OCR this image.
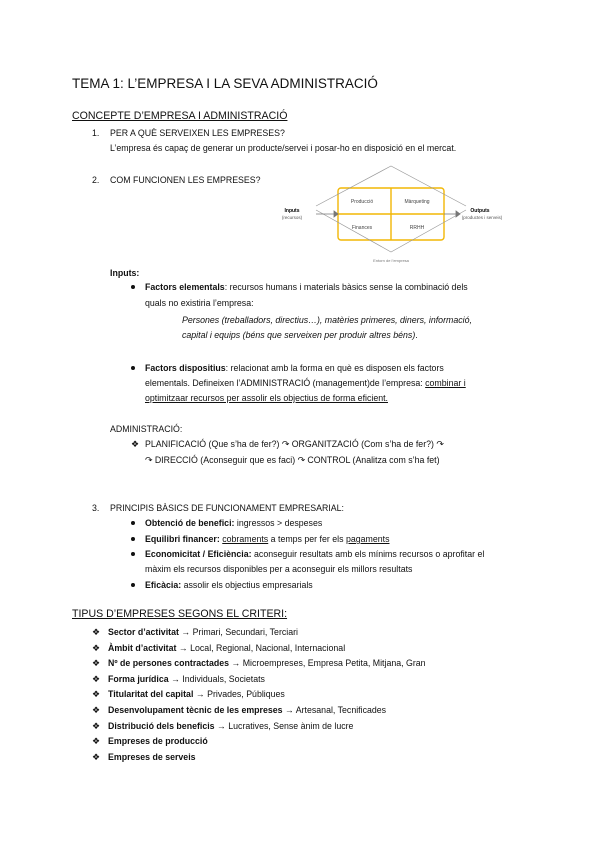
TEMA 1: L’EMPRESA I LA SEVA ADMINISTRACIÓ
CONCEPTE D’EMPRESA I ADMINISTRACIÓ
1. PER A QUÈ SERVEIXEN LES EMPRESES?
L’empresa és capaç de generar un producte/servei i posar-ho en disposició en el mercat.
2. COM FUNCIONEN LES EMPRESES?
Inputs
(recursos)
Outputs
(productes i serveis)
Producció	Màrqueting
Finances	RRHH
Entorn de l’empresa
Inputs:
Factors elementals: recursos humans i materials bàsics sense la combinació dels
quals no existiria l’empresa:
Persones (treballadors, directius…), matèries primeres, diners, informació,
capital i equips (béns que serveixen per produir altres béns).
Factors dispositius: relacionat amb la forma en què es disposen els factors
elementals. Defineixen l’ADMINISTRACIÓ (management)de l’empresa: combinar i
optimitzaar recursos per assolir els objectius de forma eficient.
ADMINISTRACIÓ:
❖ PLANIFICACIÓ (Que s’ha de fer?) ↷ ORGANITZACIÓ (Com s’ha de fer?) ↷
↷ DIRECCIÓ (Aconseguir que es faci) ↷ CONTROL (Analitza com s’ha fet)
3. PRINCIPIS BÀSICS DE FUNCIONAMENT EMPRESARIAL:
Obtenció de benefici: ingressos > despeses
Equilibri financer: cobraments a temps per fer els pagaments
Economicitat / Eficiència: aconseguir resultats amb els mínims recursos o aprofitar el
màxim els recursos disponibles per a aconseguir els millors resultats
Eficàcia: assolir els objectius empresarials
TIPUS D’EMPRESES SEGONS EL CRITERI:
❖ Sector d’activitat → Primari, Secundari, Terciari
❖ Àmbit d’activitat → Local, Regional, Nacional, Internacional
❖ Nº de persones contractades → Microempreses, Empresa Petita, Mitjana, Gran
❖ Forma jurídica → Individuals, Societats
❖ Titularitat del capital → Privades, Públiques
❖ Desenvolupament tècnic de les empreses → Artesanal, Tecnificades
❖ Distribució dels beneficis → Lucratives, Sense ànim de lucre
❖ Empreses de producció
❖ Empreses de serveis
